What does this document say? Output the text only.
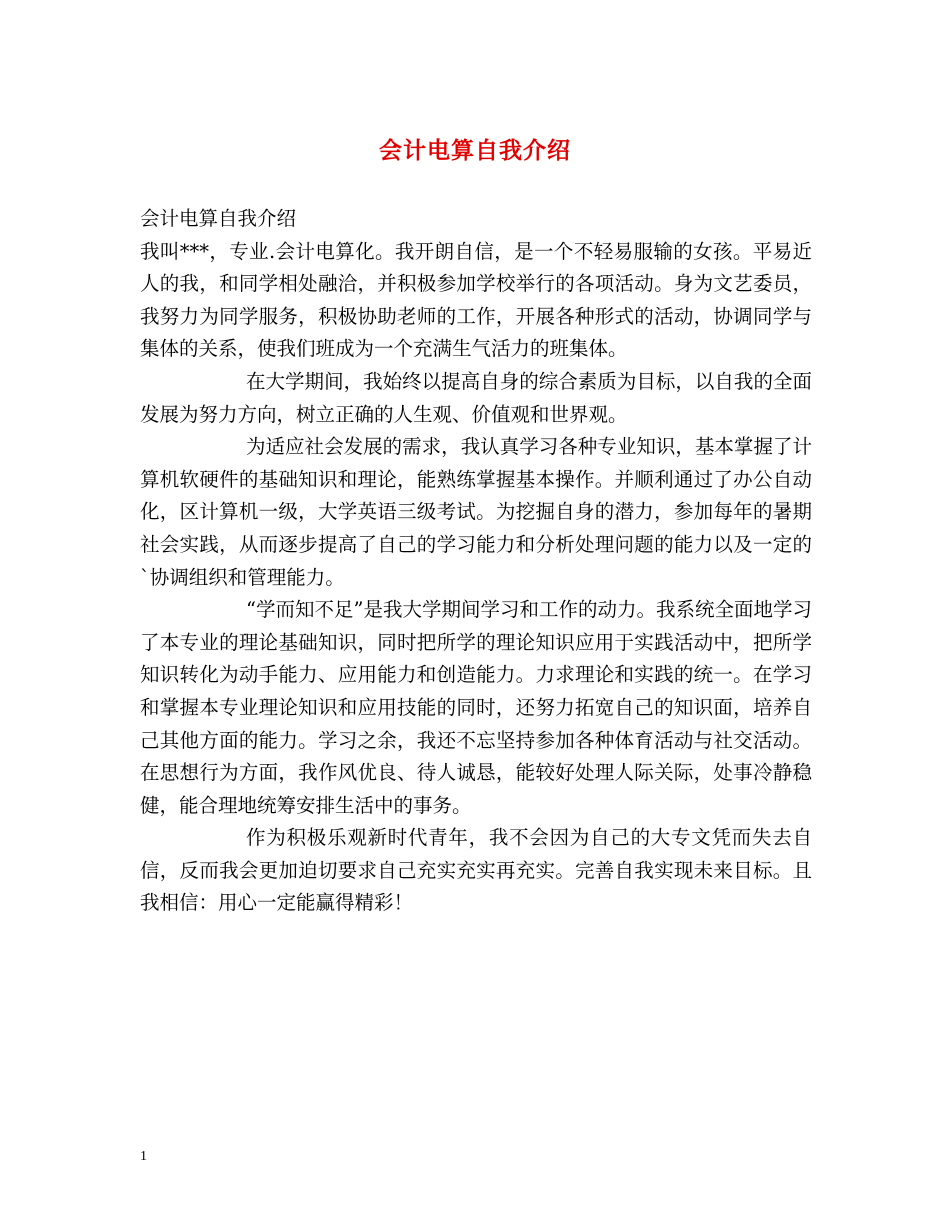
会计电算自我介绍

会计电算自我介绍

我叫***，专业.会计电算化。我开朗自信，是一个不轻易服输的女孩。平易近人的我，和同学相处融洽，并积极参加学校举行的各项活动。身为文艺委员，我努力为同学服务，积极协助老师的工作，开展各种形式的活动，协调同学与集体的关系，使我们班成为一个充满生气活力的班集体。

在大学期间，我始终以提高自身的综合素质为目标，以自我的全面发展为努力方向，树立正确的人生观、价值观和世界观。

为适应社会发展的需求，我认真学习各种专业知识，基本掌握了计算机软硬件的基础知识和理论，能熟练掌握基本操作。并顺利通过了办公自动化，区计算机一级，大学英语三级考试。为挖掘自身的潜力，参加每年的暑期社会实践，从而逐步提高了自己的学习能力和分析处理问题的能力以及一定的`协调组织和管理能力。

“学而知不足”是我大学期间学习和工作的动力。我系统全面地学习了本专业的理论基础知识，同时把所学的理论知识应用于实践活动中，把所学知识转化为动手能力、应用能力和创造能力。力求理论和实践的统一。在学习和掌握本专业理论知识和应用技能的同时，还努力拓宽自己的知识面，培养自己其他方面的能力。学习之余，我还不忘坚持参加各种体育活动与社交活动。在思想行为方面，我作风优良、待人诚恳，能较好处理人际关际，处事冷静稳健，能合理地统筹安排生活中的事务。

作为积极乐观新时代青年，我不会因为自己的大专文凭而失去自信，反而我会更加迫切要求自己充实充实再充实。完善自我实现未来目标。且我相信：用心一定能赢得精彩！

1
